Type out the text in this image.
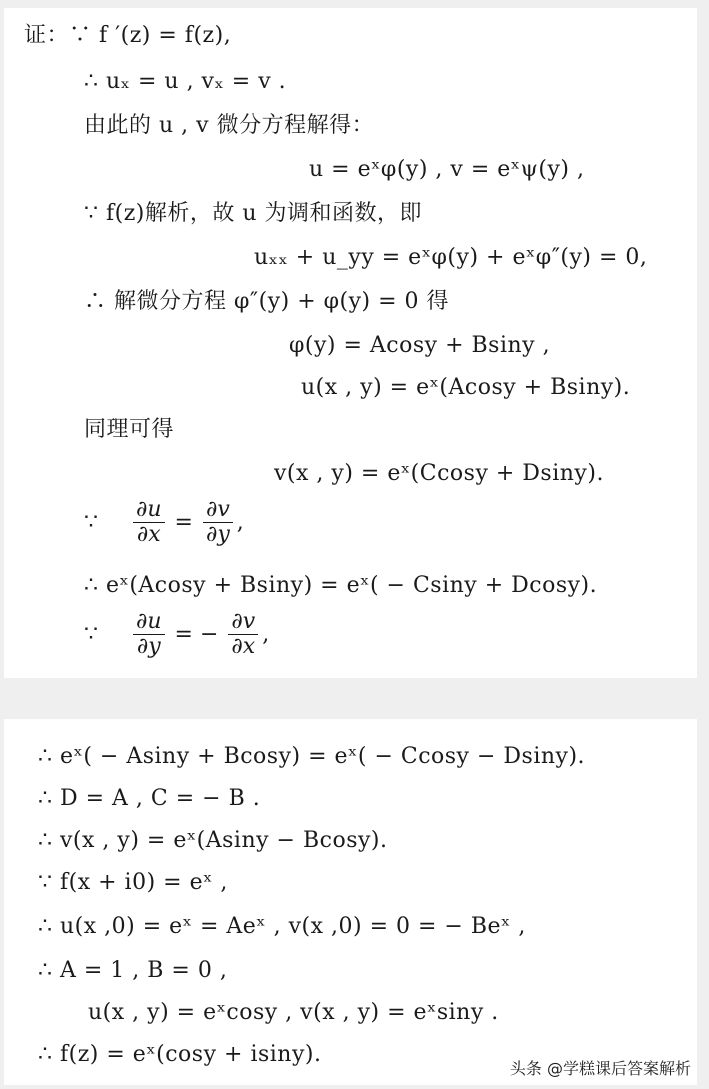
证：∵ f ′(z) = f(z),
∴ uₓ = u , vₓ = v .
由此的 u , v 微分方程解得：
u = eˣφ(y) , v = eˣψ(y) ,
∵ f(z)解析，故 u 为调和函数，即
uₓₓ + u_yy = eˣφ(y) + eˣφ″(y) = 0,
∴ 解微分方程 φ″(y) + φ(y) = 0 得
φ(y) = Acosy + Bsiny ,
u(x , y) = eˣ(Acosy + Bsiny).
同理可得
v(x , y) = eˣ(Ccosy + Dsiny).
∵	$\frac{\partial u}{\partial x} = \frac{\partial v}{\partial y}$ ,
∴ eˣ(Acosy + Bsiny) = eˣ( − Csiny + Dcosy).
∵	$\frac{\partial u}{\partial y}$ = − $\frac{\partial v}{\partial x}$ ,
∴ eˣ( − Asiny + Bcosy) = eˣ( − Ccosy − Dsiny).
∴ D = A , C = − B .
∴ v(x , y) = eˣ(Asiny − Bcosy).
∵ f(x + i0) = eˣ ,
∴ u(x ,0) = eˣ = Aeˣ , v(x ,0) = 0 = − Beˣ ,
∴ A = 1 , B = 0 ,
u(x , y) = eˣcosy , v(x , y) = eˣsiny .
∴ f(z) = eˣ(cosy + isiny).
头条 @学糕课后答案解析
